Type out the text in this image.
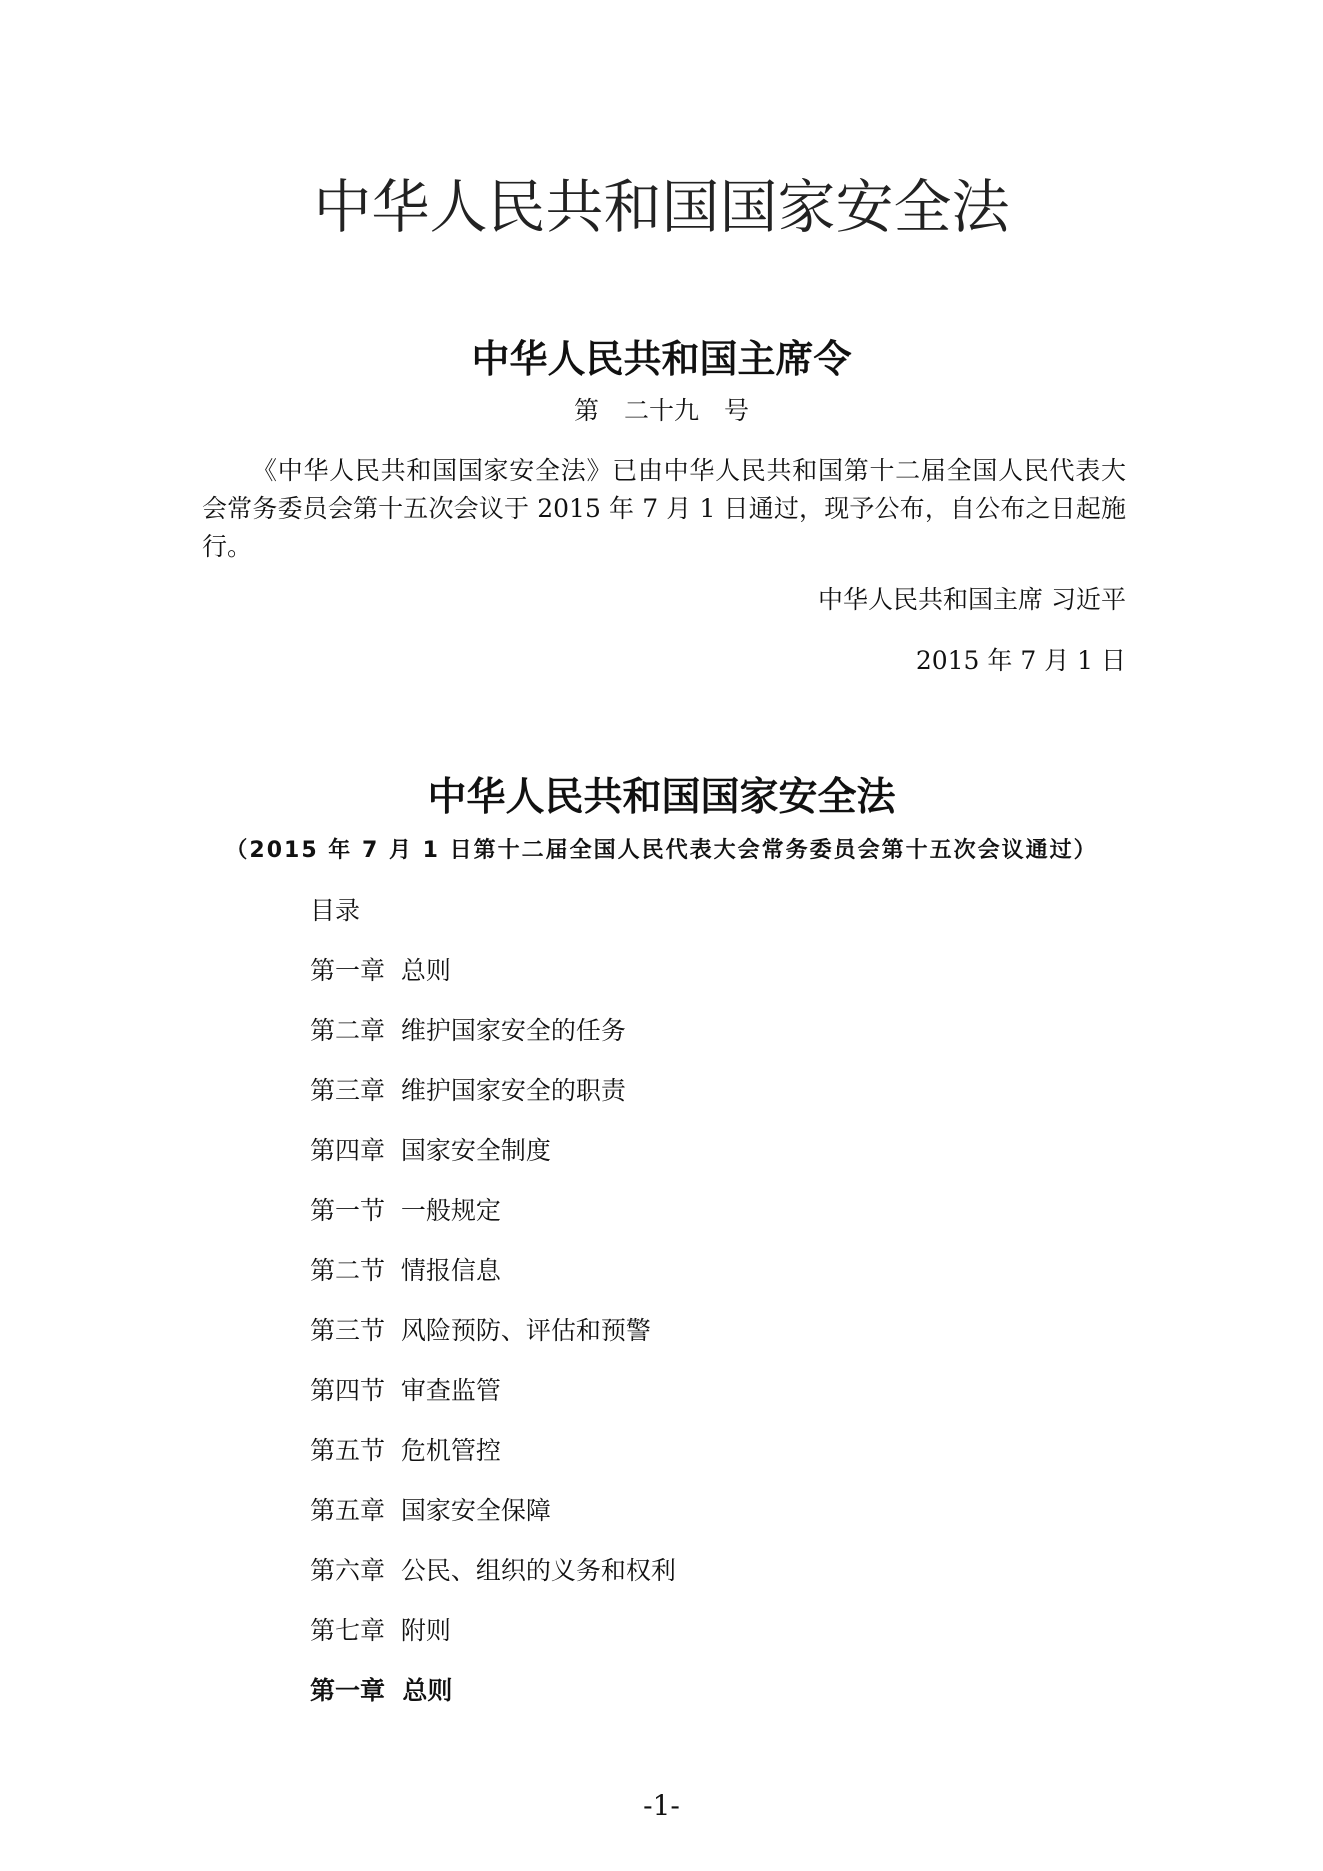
中华人民共和国国家安全法
中华人民共和国主席令
第　二十九　号

《中华人民共和国国家安全法》已由中华人民共和国第十二届全国人民代表大会常务委员会第十五次会议于 2015 年 7 月 1 日通过，现予公布，自公布之日起施行。

中华人民共和国主席 习近平
2015 年 7 月 1 日
中华人民共和国国家安全法
（2015 年 7 月 1 日第十二届全国人民代表大会常务委员会第十五次会议通过）
目录
第一章  总则
第二章  维护国家安全的任务
第三章  维护国家安全的职责
第四章  国家安全制度
第一节  一般规定
第二节  情报信息
第三节  风险预防、评估和预警
第四节  审查监管
第五节  危机管控
第五章  国家安全保障
第六章  公民、组织的义务和权利
第七章  附则
第一章  总则
-1-
